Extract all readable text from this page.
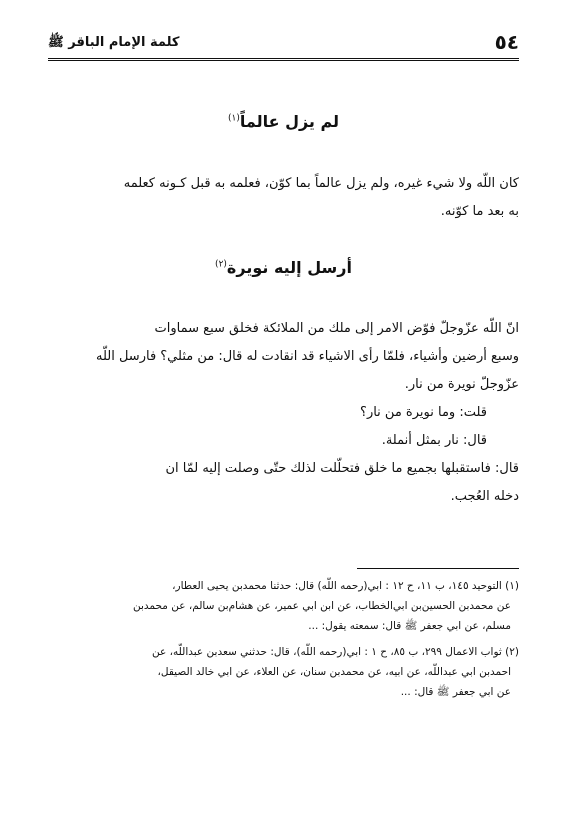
٥٤
كلمة الإمام الباقر ﷺ
لم يزل عالماً$^{(١)}$
كان اللّه ولا شيء غيره، ولم يزل عالماً بما كوّن، فعلمه به قبل كـونه كعلمه
به بعد ما كوّنه.
أرسل إليه نويرة$^{(٢)}$
انّ اللّه عزّوجلّ فوّض الامر إلى ملك من الملائكة فخلق سبع سماوات
وسبع أرضين وأشياء، فلمّا رأى الاشياء قد انقادت له قال: من مثلي؟ فارسل اللّه
عزّوجلّ نويرة من نار.
قلت: وما نويرة من نار؟
قال: نار بمثل أنملة.
قال: فاستقبلها بجميع ما خلق فتحلّلت لذلك حتّى وصلت إليه لمّا ان
دخله العُجب.
(١) التوحيد ١٤٥، ب ١١، ح ١٢ : ابي(رحمه اللّه) قال: حدثنا محمدبن يحيى العطار،
عن محمدبن الحسين‌بن ابي‌الخطاب، عن ابن ابي عمير، عن هشام‌بن سالم، عن محمدبن
مسلم، عن ابي جعفر ﷺ قال: سمعته يقول: ...
(٢) ثواب الاعمال ٢٩٩، ب ٨٥، ح ١ : ابي(رحمه اللّه)، قال: حدثني سعدبن عبداللّه، عن
احمدبن ابي عبداللّه، عن ابيه، عن محمدبن سنان، عن العلاء، عن ابي خالد الصيقل،
عن ابي جعفر ﷺ قال: ...
